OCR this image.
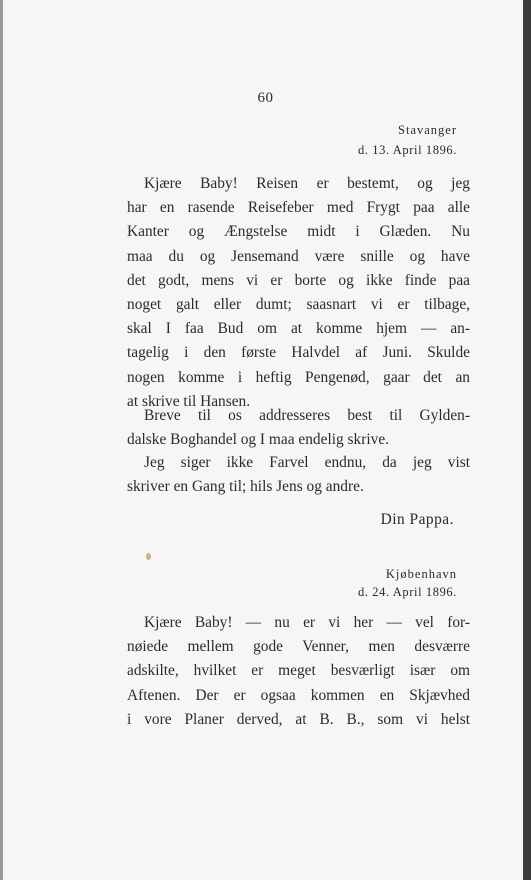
60
Stavanger
d. 13. April 1896.
Kjære Baby! Reisen er bestemt, og jeg
har en rasende Reisefeber med Frygt paa alle
Kanter og Ængstelse midt i Glæden. Nu
maa du og Jensemand være snille og have
det godt, mens vi er borte og ikke finde paa
noget galt eller dumt; saasnart vi er tilbage,
skal I faa Bud om at komme hjem — an-
tagelig i den første Halvdel af Juni. Skulde
nogen komme i heftig Pengenød, gaar det an
at skrive til Hansen.
Breve til os addresseres best til Gylden-
dalske Boghandel og I maa endelig skrive.
Jeg siger ikke Farvel endnu, da jeg vist
skriver en Gang til; hils Jens og andre.
Din Pappa.
Kjøbenhavn
d. 24. April 1896.
Kjære Baby! — nu er vi her — vel for-
nøiede mellem gode Venner, men desværre
adskilte, hvilket er meget besværligt især om
Aftenen. Der er ogsaa kommen en Skjævhed
i vore Planer derved, at B. B., som vi helst
